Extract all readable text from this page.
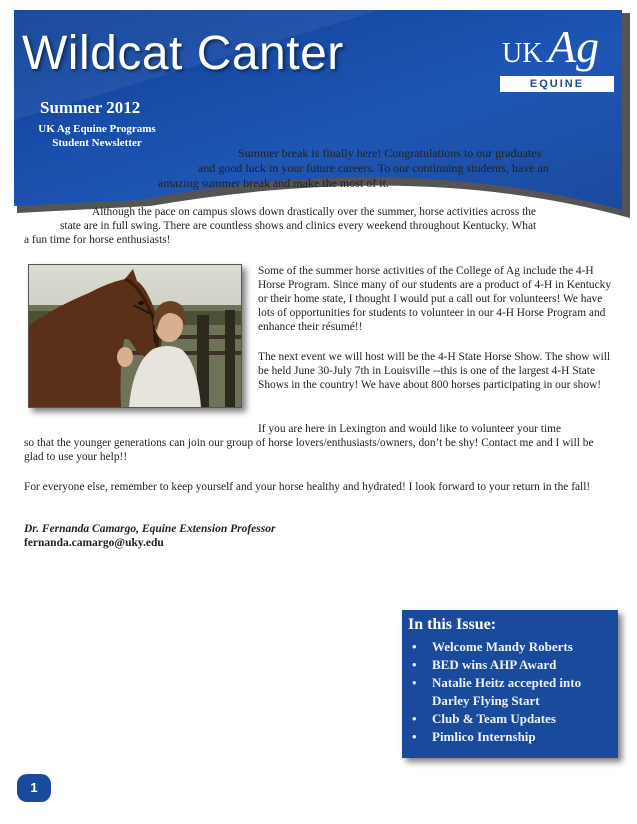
Wildcat Canter
Summer 2012
UK Ag Equine Programs
Student Newsletter
UK Ag
EQUINE
Summer break is finally here! Congratulations to our graduates
and good luck in your future careers. To our continuing students, have an
amazing summer break and make the most of it.
Although the pace on campus slows down drastically over the summer, horse activities across the
state are in full swing. There are countless shows and clinics every weekend throughout Kentucky. What
a fun time for horse enthusiasts!
Some of the summer horse activities of the College of Ag include the 4-H Horse Program. Since many of our students are a product of 4-H in Kentucky or their home state, I thought I would put a call out for volunteers! We have lots of opportunities for students to volunteer in our 4-H Horse Program and enhance their résumé!!
The next event we will host will be the 4-H State Horse Show. The show will be held June 30-July 7th in Louisville --this is one of the largest 4-H State Shows in the country! We have about 800 horses participating in our show!
If you are here in Lexington and would like to volunteer your time
so that the younger generations can join our group of horse lovers/enthusiasts/owners, don’t be shy! Contact me and I will be glad to use your help!!
For everyone else, remember to keep yourself and your horse healthy and hydrated! I look forward to your return in the fall!
Dr. Fernanda Camargo, Equine Extension Professor
fernanda.camargo@uky.edu
In this Issue:
• Welcome Mandy Roberts
• BED wins AHP Award
• Natalie Heitz accepted into Darley Flying Start
• Club & Team Updates
• Pimlico Internship
1
